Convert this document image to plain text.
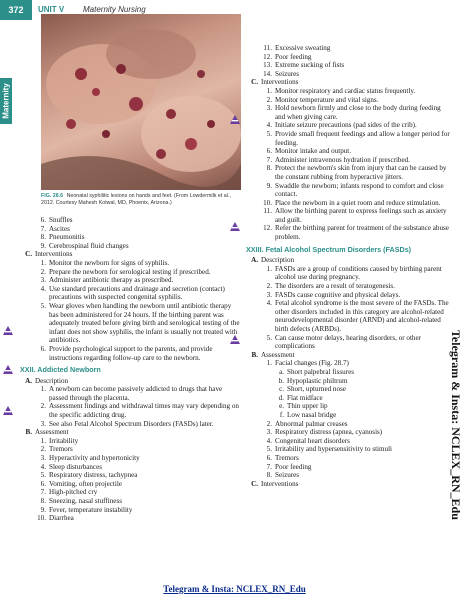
372	UNIT V Maternity Nursing
Maternity
FIG. 28.6 Neonatal syphilitic lesions on hands and feet. (From Lowdermilk et al., 2012. Courtesy Mahesh Kotwal, MD, Phoenix, Arizona.)
6. Snuffles
7. Ascites
8. Pneumonitis
9. Cerebrospinal fluid changes
C. Interventions
1. Monitor the newborn for signs of syphilis.
2. Prepare the newborn for serological testing if prescribed.
3. Administer antibiotic therapy as prescribed.
4. Use standard precautions and drainage and secretion (contact) precautions with suspected congenital syphilis.
5. Wear gloves when handling the newborn until antibiotic therapy has been administered for 24 hours. If the birthing parent was adequately treated before giving birth and serological testing of the infant does not show syphilis, the infant is usually not treated with antibiotics.
6. Provide psychological support to the parents, and provide instructions regarding follow-up care to the newborn.
XXII. Addicted Newborn
A. Description
1. A newborn can become passively addicted to drugs that have passed through the placenta.
2. Assessment findings and withdrawal times may vary depending on the specific addicting drug.
3. See also Fetal Alcohol Spectrum Disorders (FASDs) later.
B. Assessment
1. Irritability
2. Tremors
3. Hyperactivity and hypertonicity
4. Sleep disturbances
5. Respiratory distress, tachypnea
6. Vomiting, often projectile
7. High-pitched cry
8. Sneezing, nasal stuffiness
9. Fever, temperature instability
10. Diarrhea
11. Excessive sweating
12. Poor feeding
13. Extreme sucking of fists
14. Seizures
C. Interventions
1. Monitor respiratory and cardiac status frequently.
2. Monitor temperature and vital signs.
3. Hold newborn firmly and close to the body during feeding and when giving care.
4. Initiate seizure precautions (pad sides of the crib).
5. Provide small frequent feedings and allow a longer period for feeding.
6. Monitor intake and output.
7. Administer intravenous hydration if prescribed.
8. Protect the newborn's skin from injury that can be caused by the constant rubbing from hyperactive jitters.
9. Swaddle the newborn; infants respond to comfort and close contact.
10. Place the newborn in a quiet room and reduce stimulation.
11. Allow the birthing parent to express feelings such as anxiety and guilt.
12. Refer the birthing parent for treatment of the substance abuse problem.
XXIII. Fetal Alcohol Spectrum Disorders (FASDs)
A. Description
1. FASDs are a group of conditions caused by birthing parent alcohol use during pregnancy.
2. The disorders are a result of teratogenesis.
3. FASDs cause cognitive and physical delays.
4. Fetal alcohol syndrome is the most severe of the FASDs. The other disorders included in this category are alcohol-related neurodevelopmental disorder (ARND) and alcohol-related birth defects (ARBDs).
5. Can cause motor delays, hearing disorders, or other complications
B. Assessment
1. Facial changes (Fig. 28.7)
a. Short palpebral fissures
b. Hypoplastic philtrum
c. Short, upturned nose
d. Flat midface
e. Thin upper lip
f. Low nasal bridge
2. Abnormal palmar creases
3. Respiratory distress (apnea, cyanosis)
4. Congenital heart disorders
5. Irritability and hypersensitivity to stimuli
6. Tremors
7. Poor feeding
8. Seizures
C. Interventions	Telegram & Insta: NCLEX_RN_Edu
Telegram & Insta: NCLEX_RN_Edu
